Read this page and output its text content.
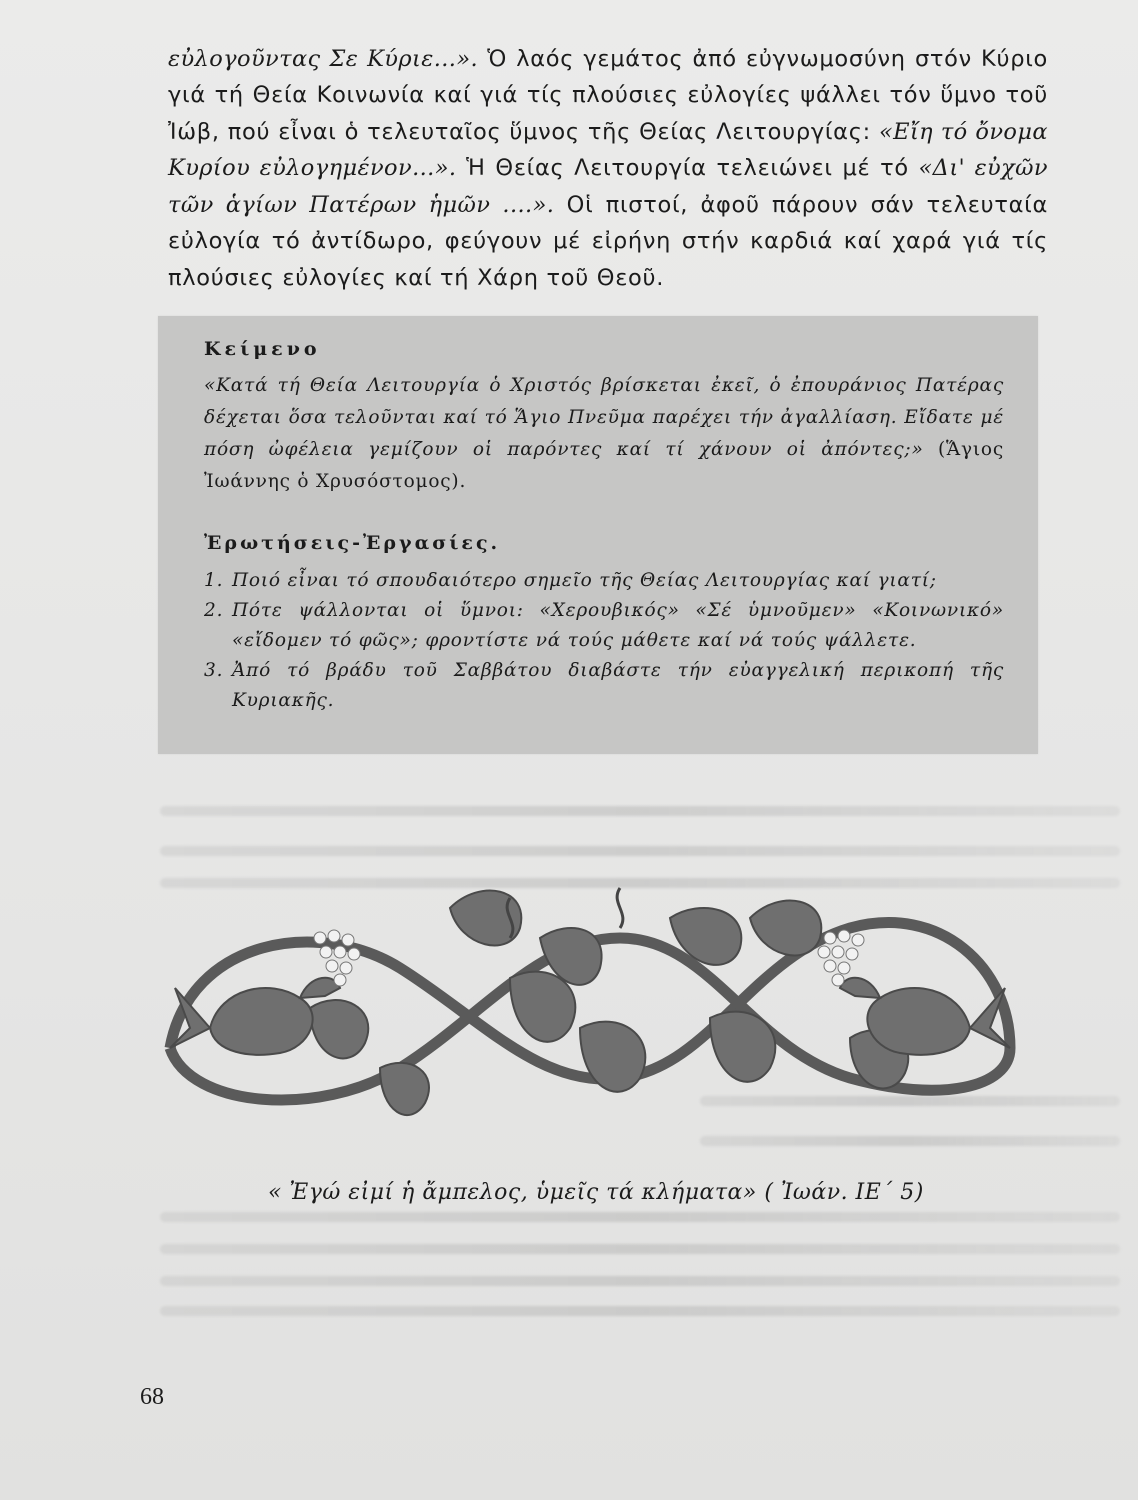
εὐλογοῦντας Σε Κύριε...». Ὁ λαός γεμάτος ἀπό εὐγνωμοσύνη στόν Κύριο γιά τή Θεία Κοινωνία καί γιά τίς πλούσιες εὐλογίες ψάλλει τόν ὕμνο τοῦ Ἰώβ, πού εἶναι ὁ τελευταῖος ὕμνος τῆς Θείας Λειτουργίας: «Εἴη τό ὄνομα Κυρίου εὐλογημένον...». Ἡ Θείας Λειτουργία τελειώνει μέ τό «Δι' εὐχῶν τῶν ἁγίων Πατέρων ἡμῶν ....». Οἱ πιστοί, ἀφοῦ πάρουν σάν τελευταία εὐλογία τό ἀντίδωρο, φεύγουν μέ εἰρήνη στήν καρδιά καί χαρά γιά τίς πλούσιες εὐλογίες καί τή Χάρη τοῦ Θεοῦ.

Κείμενο

«Κατά τή Θεία Λειτουργία ὁ Χριστός βρίσκεται ἐκεῖ, ὁ ἐπουράνιος Πατέρας δέχεται ὅσα τελοῦνται καί τό Ἅγιο Πνεῦμα παρέχει τήν ἀγαλλίαση. Εἴδατε μέ πόση ὠφέλεια γεμίζουν οἱ παρόντες καί τί χάνουν οἱ ἀπόντες;» (Ἅγιος Ἰωάννης ὁ Χρυσόστομος).

Ἐρωτήσεις-Ἐργασίες.
1. Ποιό εἶναι τό σπουδαιότερο σημεῖο τῆς Θείας Λειτουργίας καί γιατί;
2. Πότε ψάλλονται οἱ ὕμνοι: «Χερουβικός» «Σέ ὑμνοῦμεν» «Κοινωνικό» «εἴδομεν τό φῶς»; φροντίστε νά τούς μάθετε καί νά τούς ψάλλετε.
3. Ἀπό τό βράδυ τοῦ Σαββάτου διαβάστε τήν εὐαγγελική περικοπή τῆς Κυριακῆς.
« Ἐγώ εἰμί ἡ ἄμπελος, ὑμεῖς τά κλήματα» ( Ἰωάν. ΙΕ΄ 5)
68
